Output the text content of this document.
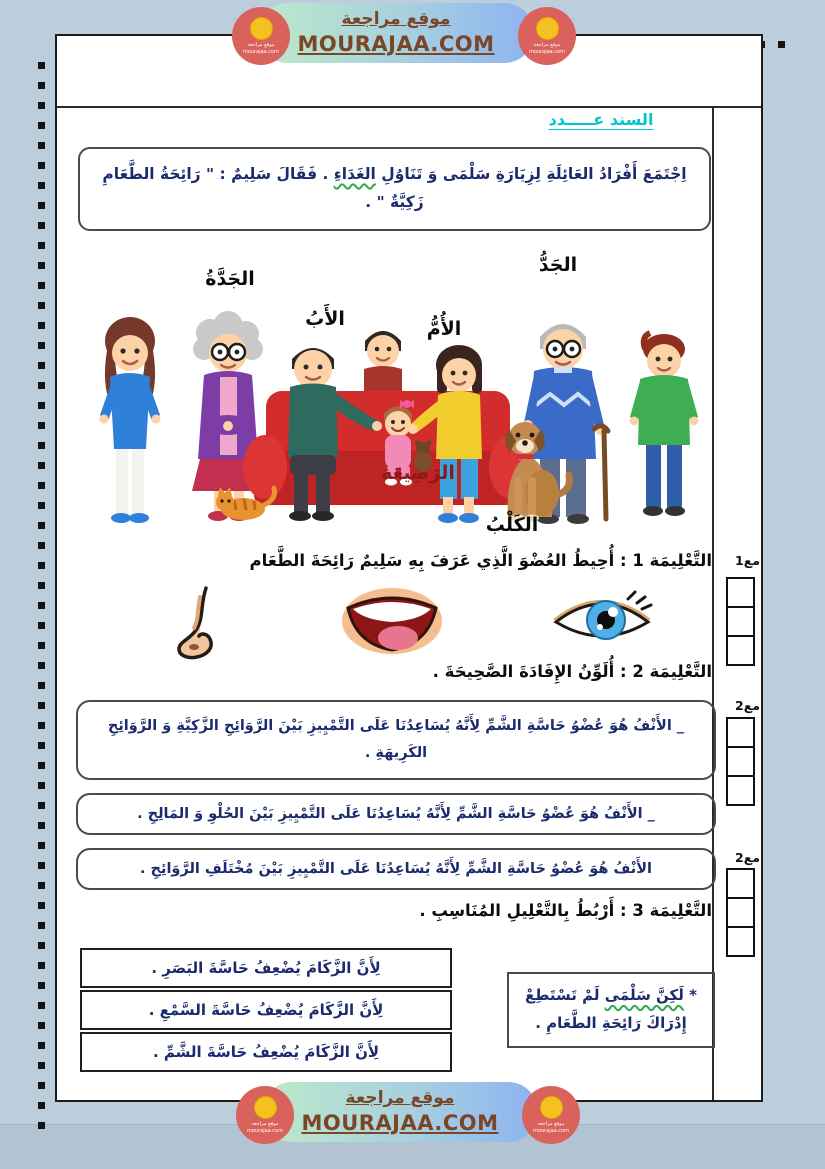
موقع مراجعة
MOURAJAA.COM
موقع مراجعة
mourajaa.com
موقع مراجعة
mourajaa.com
السند عـــــدد
اِجْتَمَعَ أَفْرَادُ العَائِلَةِ لِزِيَارَةِ سَلْمَى وَ تَنَاوُلِ الغَدَاءِ . فَقَالَ سَلِيمٌ : " رَائِحَةُ الطَّعَامِ زَكِيَّةٌ " .
الجَدَّةُ
الجَدُّ
الأَبُ	الأُمُّ
الرَضِيعَة
الكَلْبُ
التَّعْلِيمَة 1 : أُحِيطُ العُضْوَ الَّذِي عَرَفَ بِهِ سَلِيمٌ رَائِحَةَ الطَّعَام
التَّعْلِيمَة 2 : أُلَوِّنُ الإِفَادَةَ الصَّحِيحَةَ .
_ الأَنْفُ هُوَ عُضْوُ حَاسَّةِ الشَّمِّ لِأَنَّهُ يُسَاعِدُنَا عَلَى التَّمْيِيزِ بَيْنَ الرَّوَائِحِ الزَّكِيَّةِ وَ الرَّوَائِحِ الكَرِيهَةِ .
_ الأَنْفُ هُوَ عُضْوُ حَاسَّةِ الشَّمِّ لِأَنَّهُ يُسَاعِدُنَا عَلَى التَّمْيِيزِ بَيْنَ الحُلْوِ وَ المَالِحِ .
الأَنْفُ هُوَ عُضْوُ حَاسَّةِ الشَّمِّ لِأَنَّهُ يُسَاعِدُنَا عَلَى التَّمْيِيزِ بَيْنَ مُخْتَلَفِ الرَّوَائِحِ .
التَّعْلِيمَة 3 : أَرْبُطُ بِالتَّعْلِيلِ المُنَاسِبِ .
لِأَنَّ الزَّكَامَ يُضْعِفُ حَاسَّةَ البَصَرِ .
لِأَنَّ الزَّكَامَ يُضْعِفُ حَاسَّةَ السَّمْعِ .
لِأَنَّ الزَّكَامَ يُضْعِفُ حَاسَّةَ الشَّمِّ .
* لَكِنَّ سَلْمَى لَمْ تَسْتَطِعْ إِدْرَاكَ رَائِحَةِ الطَّعَامِ .
مع1
مع2
مع2
موقع مراجعة
MOURAJAA.COM
موقع مراجعة
mourajaa.com
موقع مراجعة
mourajaa.com
